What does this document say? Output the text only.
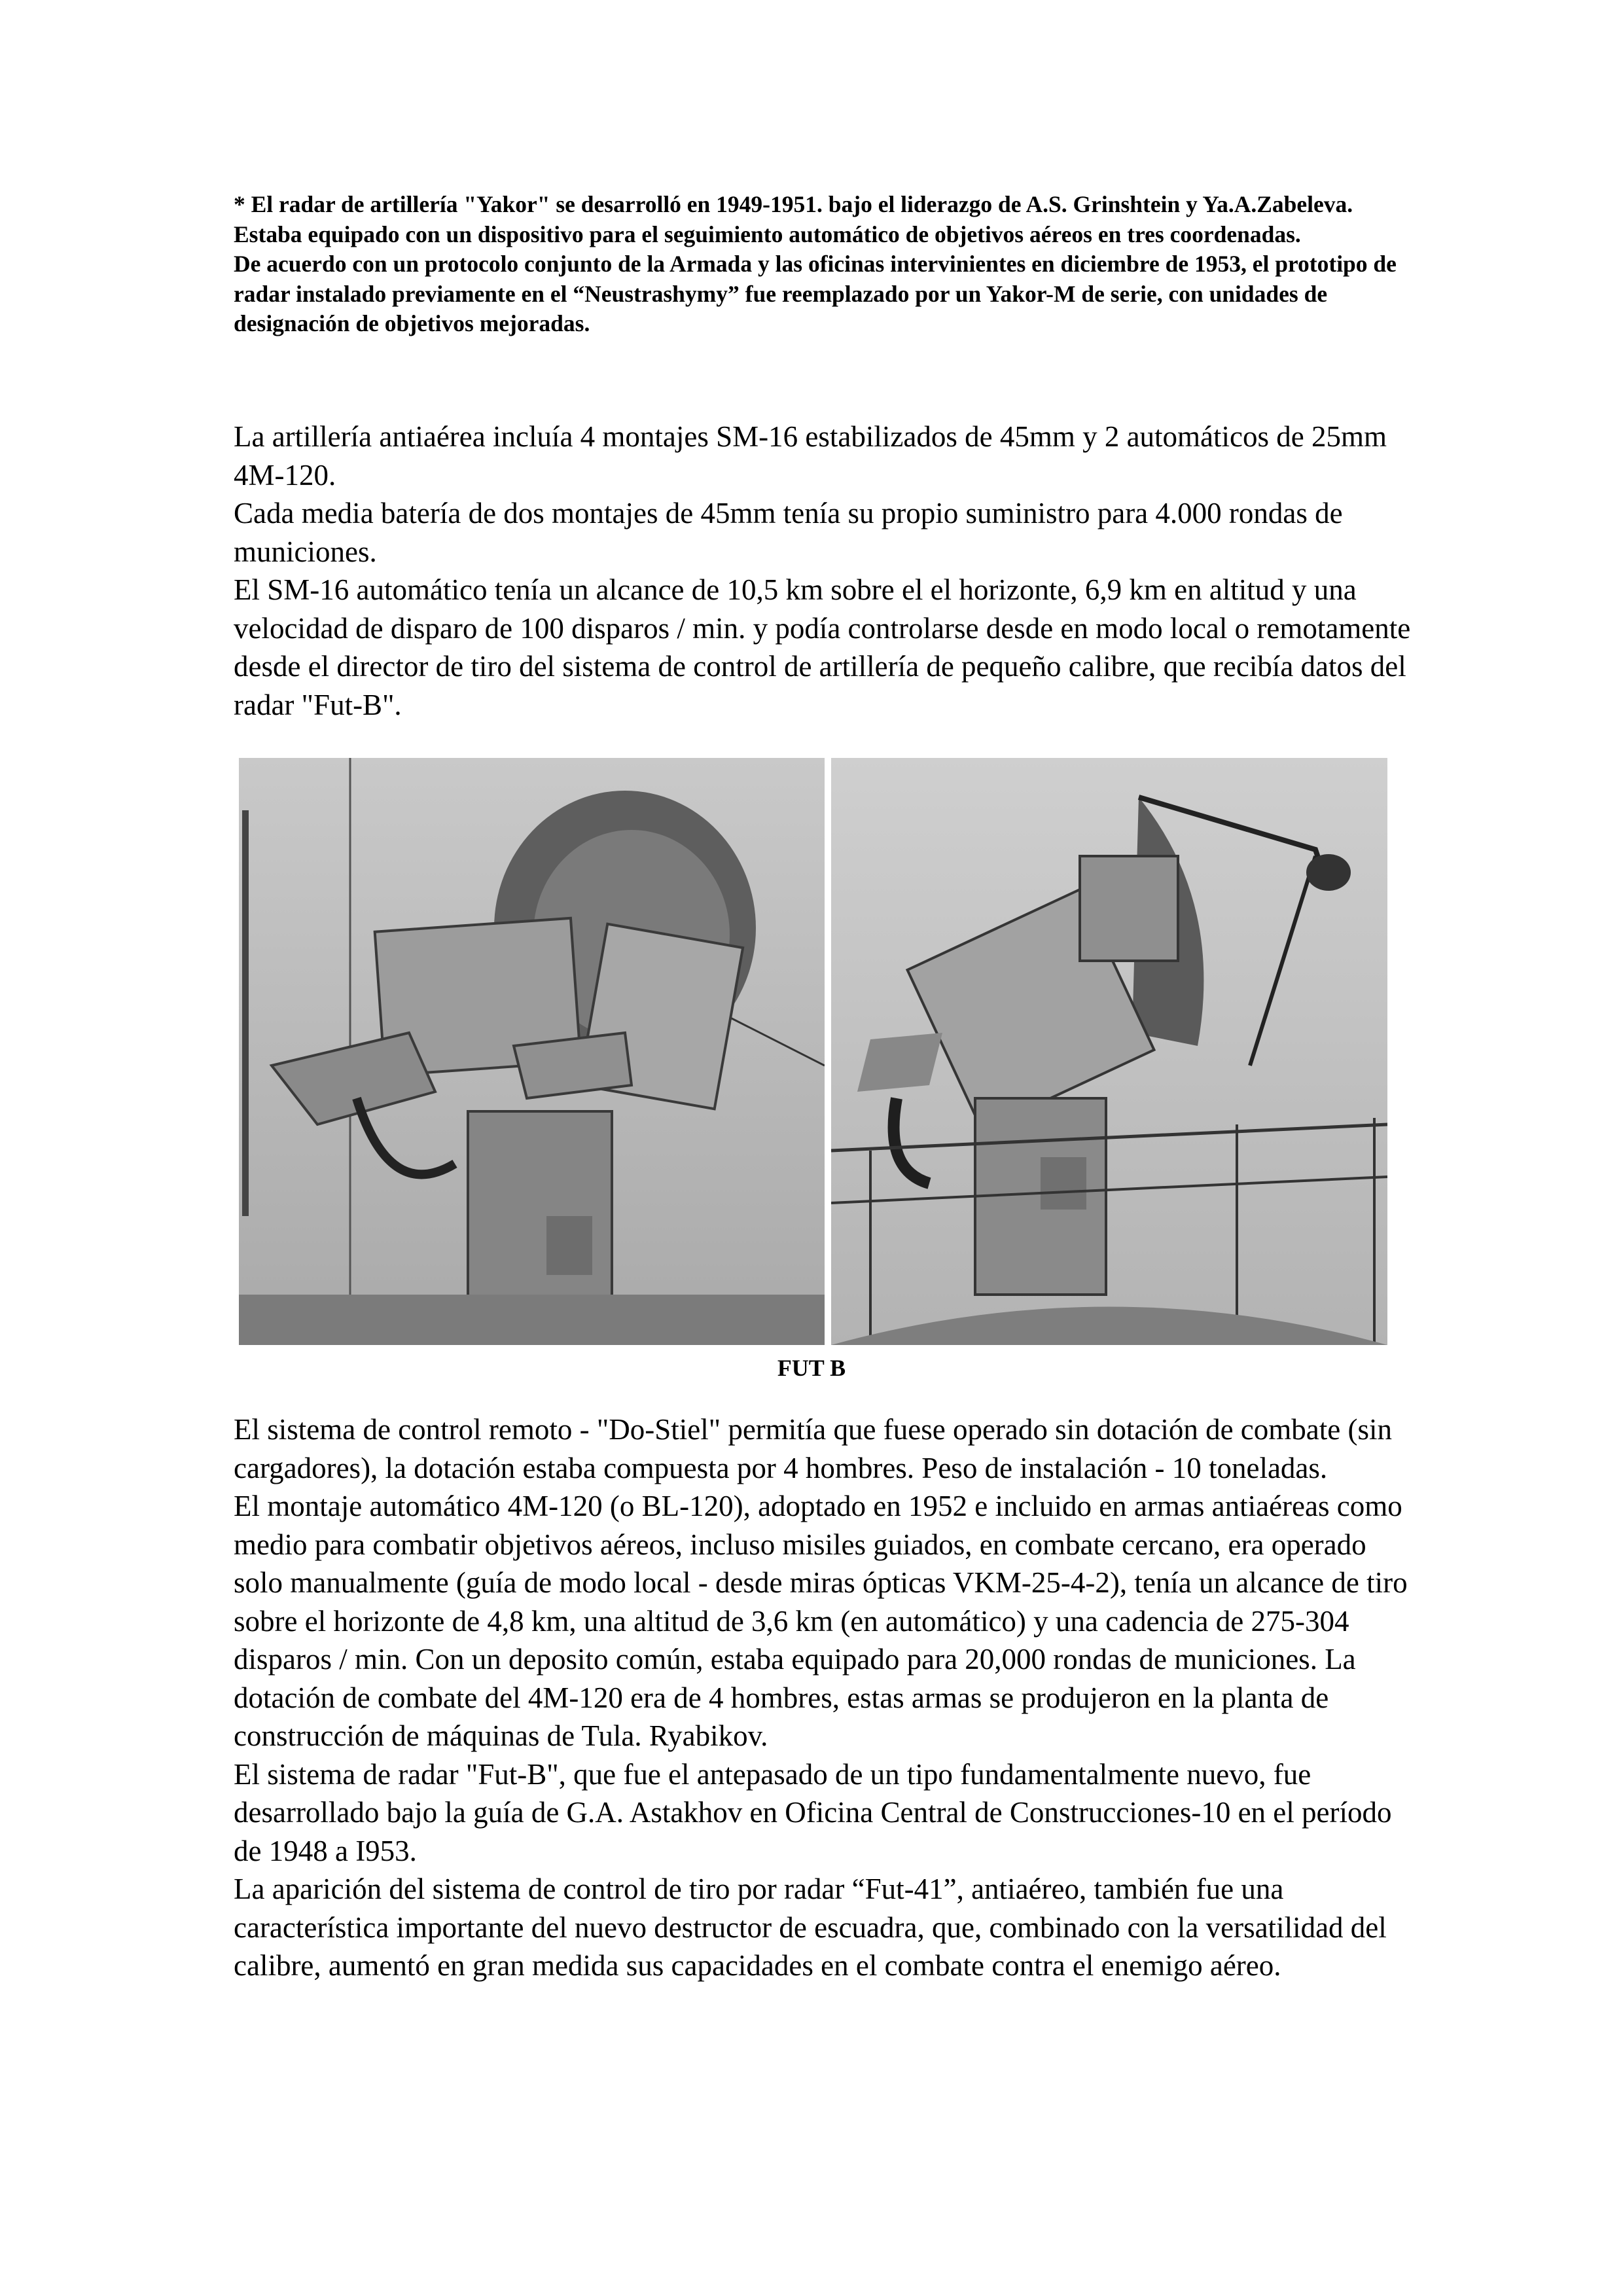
* El radar de artillería "Yakor" se desarrolló en 1949-1951. bajo el liderazgo de A.S. Grinshtein y Ya.A.Zabeleva. Estaba equipado con un dispositivo para el seguimiento automático de objetivos aéreos en tres coordenadas.

De acuerdo con un protocolo conjunto de la Armada y las oficinas intervinientes en diciembre de 1953, el prototipo de radar instalado previamente en el “Neustrashymy” fue reemplazado por un Yakor-M de serie, con unidades de designación de objetivos mejoradas.

La artillería antiaérea incluía 4 montajes SM-16 estabilizados de 45mm y 2 automáticos de 25mm 4M-120.

Cada media batería de dos montajes de 45mm tenía su propio suministro para 4.000 rondas de municiones.

El SM-16 automático tenía un alcance de 10,5 km sobre el el horizonte, 6,9 km en altitud y una velocidad de disparo de 100 disparos / min. y podía controlarse desde en modo local o remotamente desde el director de tiro del sistema de control de artillería de pequeño calibre, que recibía datos del radar "Fut-B".

FUT B

El sistema de control remoto - "Do-Stiel" permitía que fuese operado sin dotación de combate (sin cargadores), la dotación estaba compuesta por 4 hombres. Peso de instalación - 10 toneladas.

El montaje automático 4M-120 (o BL-120), adoptado en 1952 e incluido en armas antiaéreas como medio para combatir objetivos aéreos, incluso misiles guiados, en combate cercano, era operado solo manualmente (guía de modo local - desde miras ópticas VKM-25-4-2), tenía un alcance de tiro sobre el horizonte de 4,8 km, una altitud de 3,6 km (en automático) y una cadencia de 275-304 disparos / min. Con un deposito común, estaba equipado para 20,000 rondas de municiones. La dotación de combate del 4M-120 era de 4 hombres, estas armas se produjeron en la planta de construcción de máquinas de Tula. Ryabikov.

El sistema de radar "Fut-B", que fue el antepasado de un tipo fundamentalmente nuevo, fue desarrollado bajo la guía de G.A. Astakhov en Oficina Central de Construcciones-10 en el período de 1948 a I953.

La aparición del sistema de control de tiro por radar “Fut-41”, antiaéreo, también fue una característica importante del nuevo destructor de escuadra, que, combinado con la versatilidad del calibre, aumentó en gran medida sus capacidades en el combate contra el enemigo aéreo.
